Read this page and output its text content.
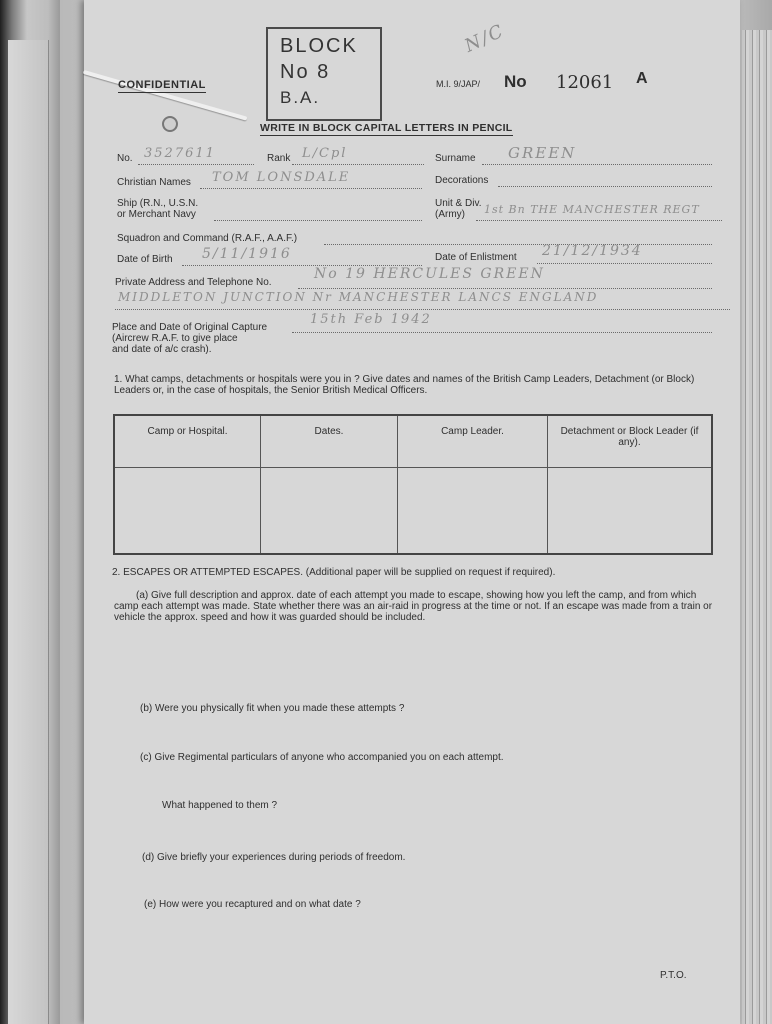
CONFIDENTIAL
BLOCK
No 8
B.A.
N/C
M.I. 9/JAP/ No 12061 A
WRITE IN BLOCK CAPITAL LETTERS IN PENCIL
No. 3527611	Rank L/Cpl	Surname GREEN
Christian Names TOM LONSDALE	Decorations
Ship (R.N., U.S.N.
or Merchant Navy
Unit & Div.
(Army) 1st Bn THE MANCHESTER REGT
Squadron and Command (R.A.F., A.A.F.)
Date of Birth 5/11/1916	Date of Enlistment 21/12/1934
Private Address and Telephone No.
No 19 HERCULES GREEN
MIDDLETON JUNCTION Nr MANCHESTER LANCS ENGLAND
Place and Date of Original Capture
(Aircrew R.A.F. to give place
and date of a/c crash).
15th Feb 1942
1. What camps, detachments or hospitals were you in ? Give dates and names of the British Camp Leaders, Detachment (or Block) Leaders or, in the case of hospitals, the Senior British Medical Officers.
Camp or Hospital.	Dates.	Camp Leader.	Detachment or Block Leader (if any).

2. ESCAPES OR ATTEMPTED ESCAPES. (Additional paper will be supplied on request if required).
(a) Give full description and approx. date of each attempt you made to escape, showing how you left the camp, and from which camp each attempt was made. State whether there was an air-raid in progress at the time or not. If an escape was made from a train or vehicle the approx. speed and how it was guarded should be included.
(b) Were you physically fit when you made these attempts ?
(c) Give Regimental particulars of anyone who accompanied you on each attempt.
What happened to them ?
(d) Give briefly your experiences during periods of freedom.
(e) How were you recaptured and on what date ?
P.T.O.
